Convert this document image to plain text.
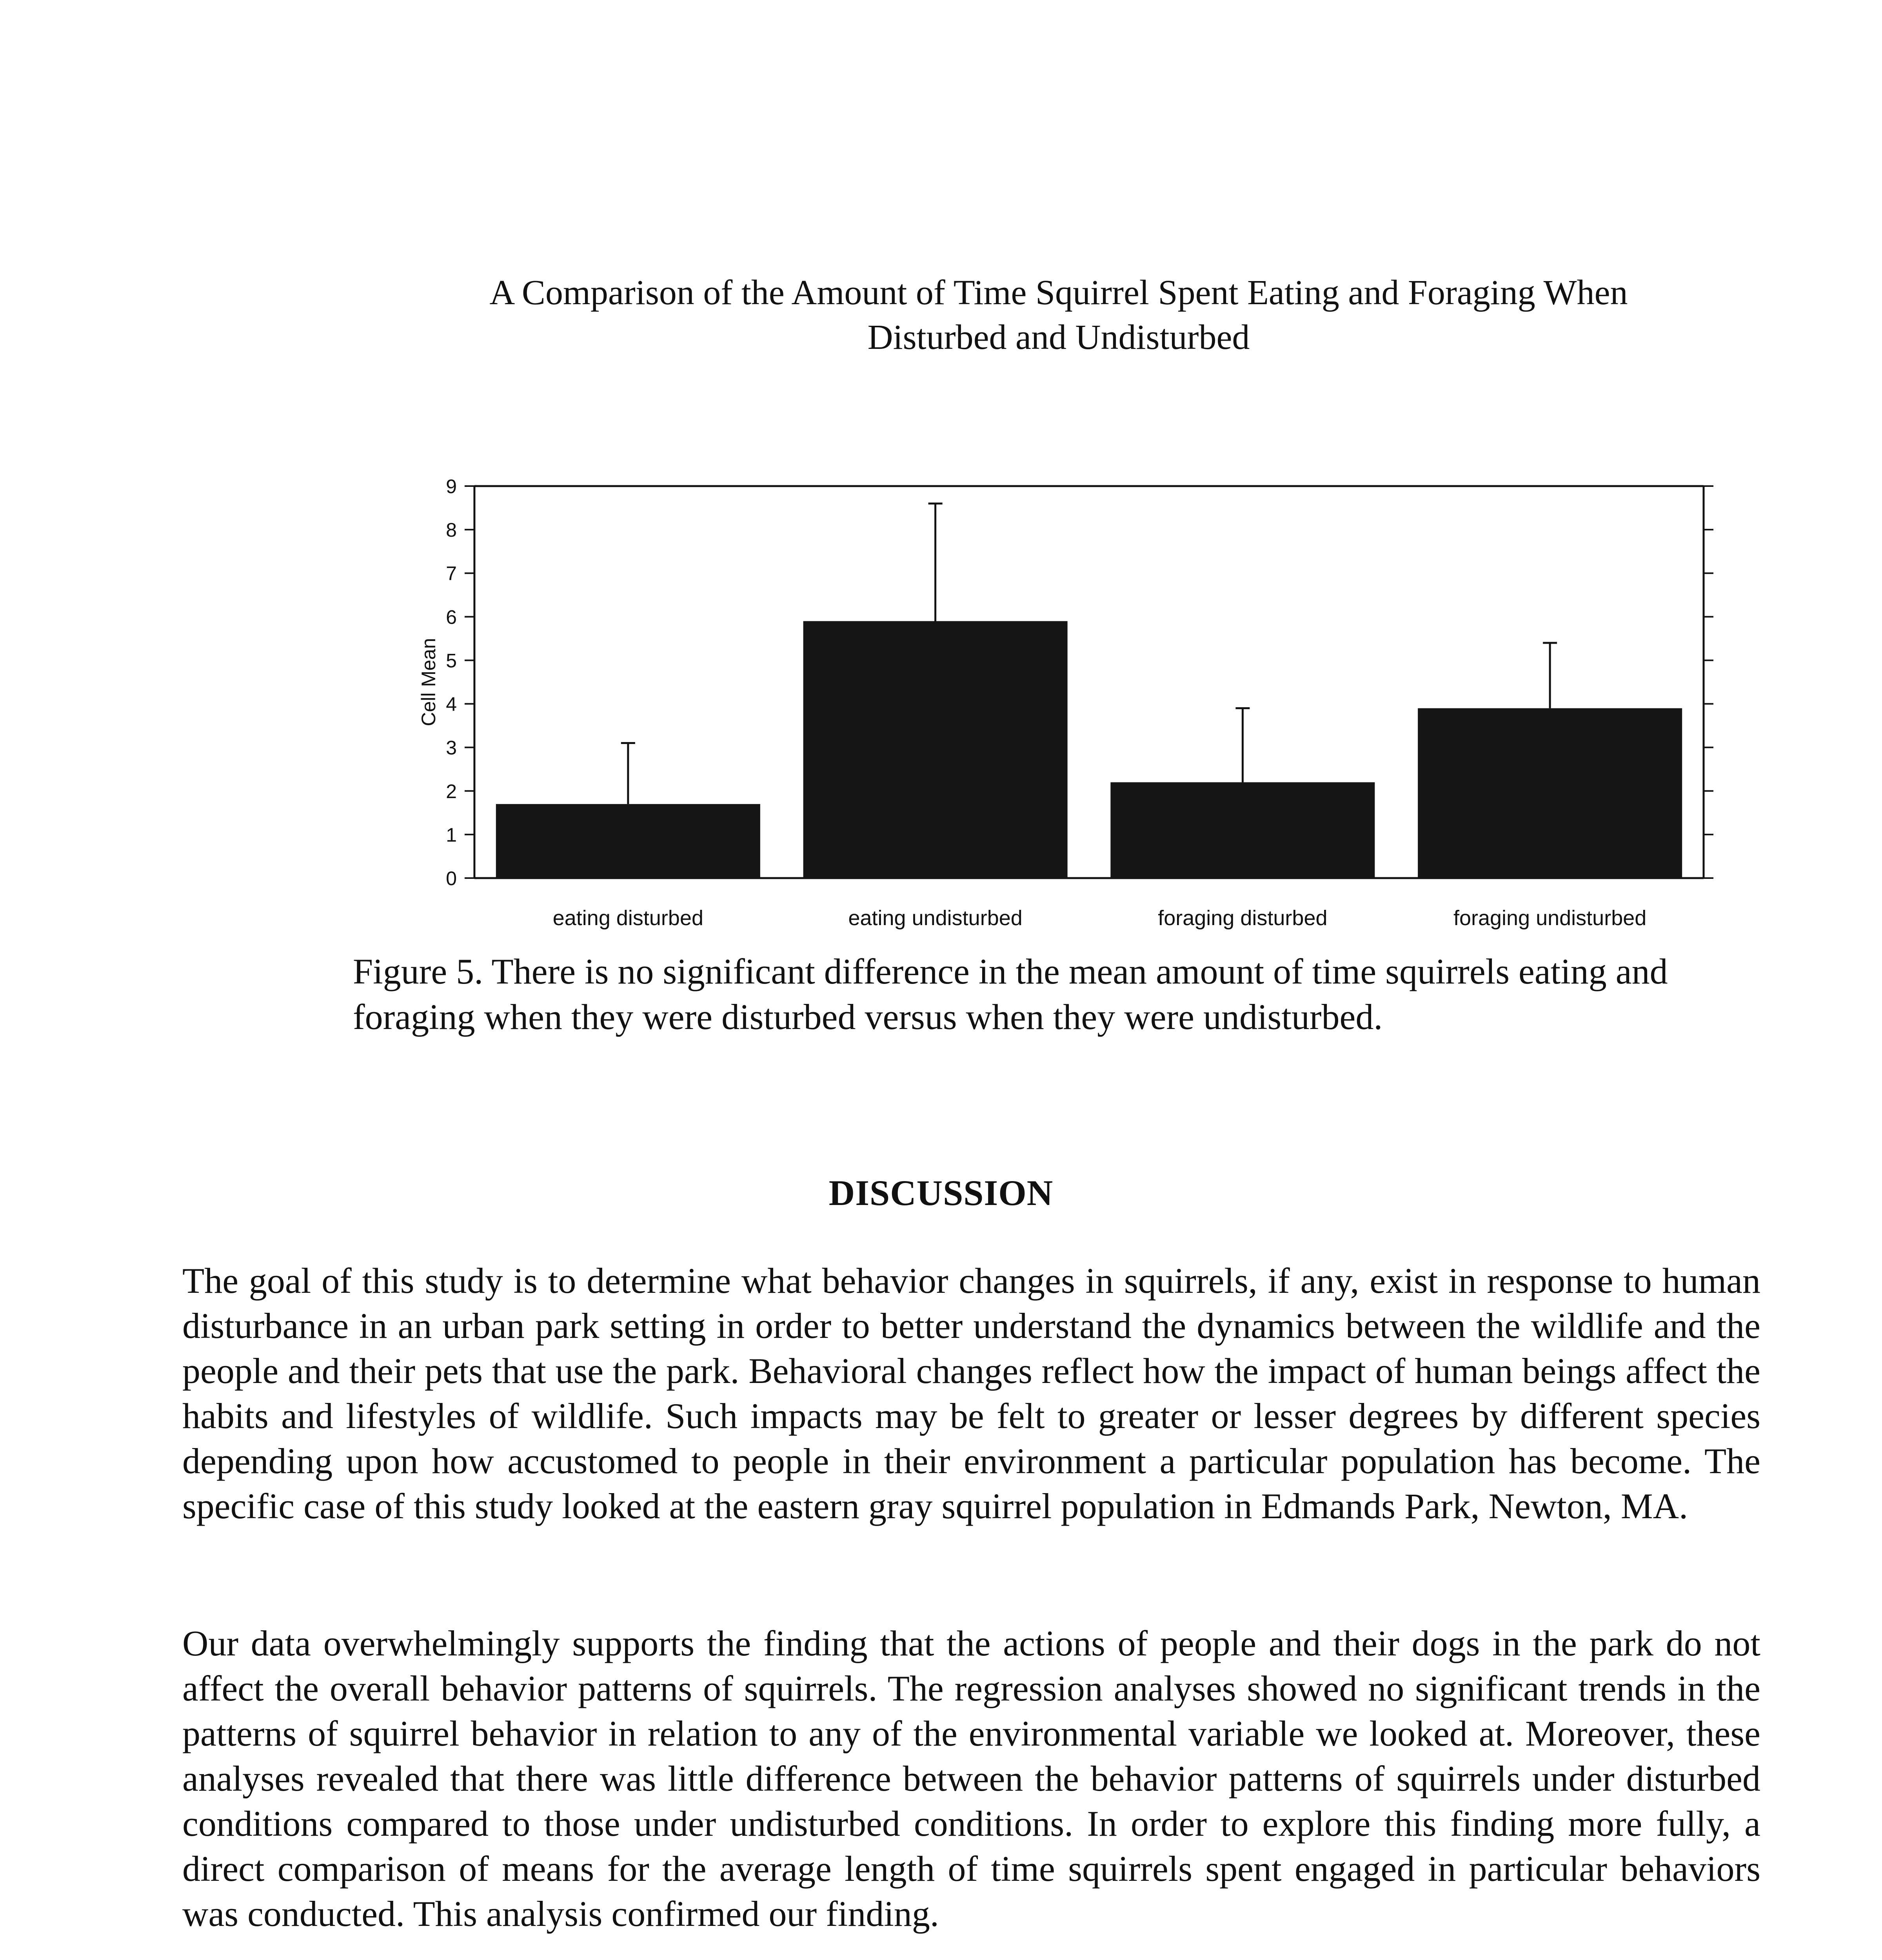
A Comparison of the Amount of Time Squirrel Spent Eating and Foraging When
Disturbed and Undisturbed
0
1
2
3
4
5
6
7
8
9
eating disturbed	eating undisturbed	foraging disturbed	foraging undisturbed
Cell Mean

Figure 5. There is no significant difference in the mean amount of time squirrels eating and foraging when they were disturbed versus when they were undisturbed.

DISCUSSION

The goal of this study is to determine what behavior changes in squirrels, if any, exist in response to human disturbance in an urban park setting in order to better understand the dynamics between the wildlife and the people and their pets that use the park. Behavioral changes reflect how the impact of human beings affect the habits and lifestyles of wildlife. Such impacts may be felt to greater or lesser degrees by different species depending upon how accustomed to people in their environment a particular population has become. The specific case of this study looked at the eastern gray squirrel population in Edmands Park, Newton, MA.

Our data overwhelmingly supports the finding that the actions of people and their dogs in the park do not affect the overall behavior patterns of squirrels. The regression analyses showed no significant trends in the patterns of squirrel behavior in relation to any of the environmental variable we looked at. Moreover, these analyses revealed that there was little difference between the behavior patterns of squirrels under disturbed conditions compared to those under undisturbed conditions. In order to explore this finding more fully, a direct comparison of means for the average length of time squirrels spent engaged in particular behaviors was conducted. This analysis confirmed our finding.
